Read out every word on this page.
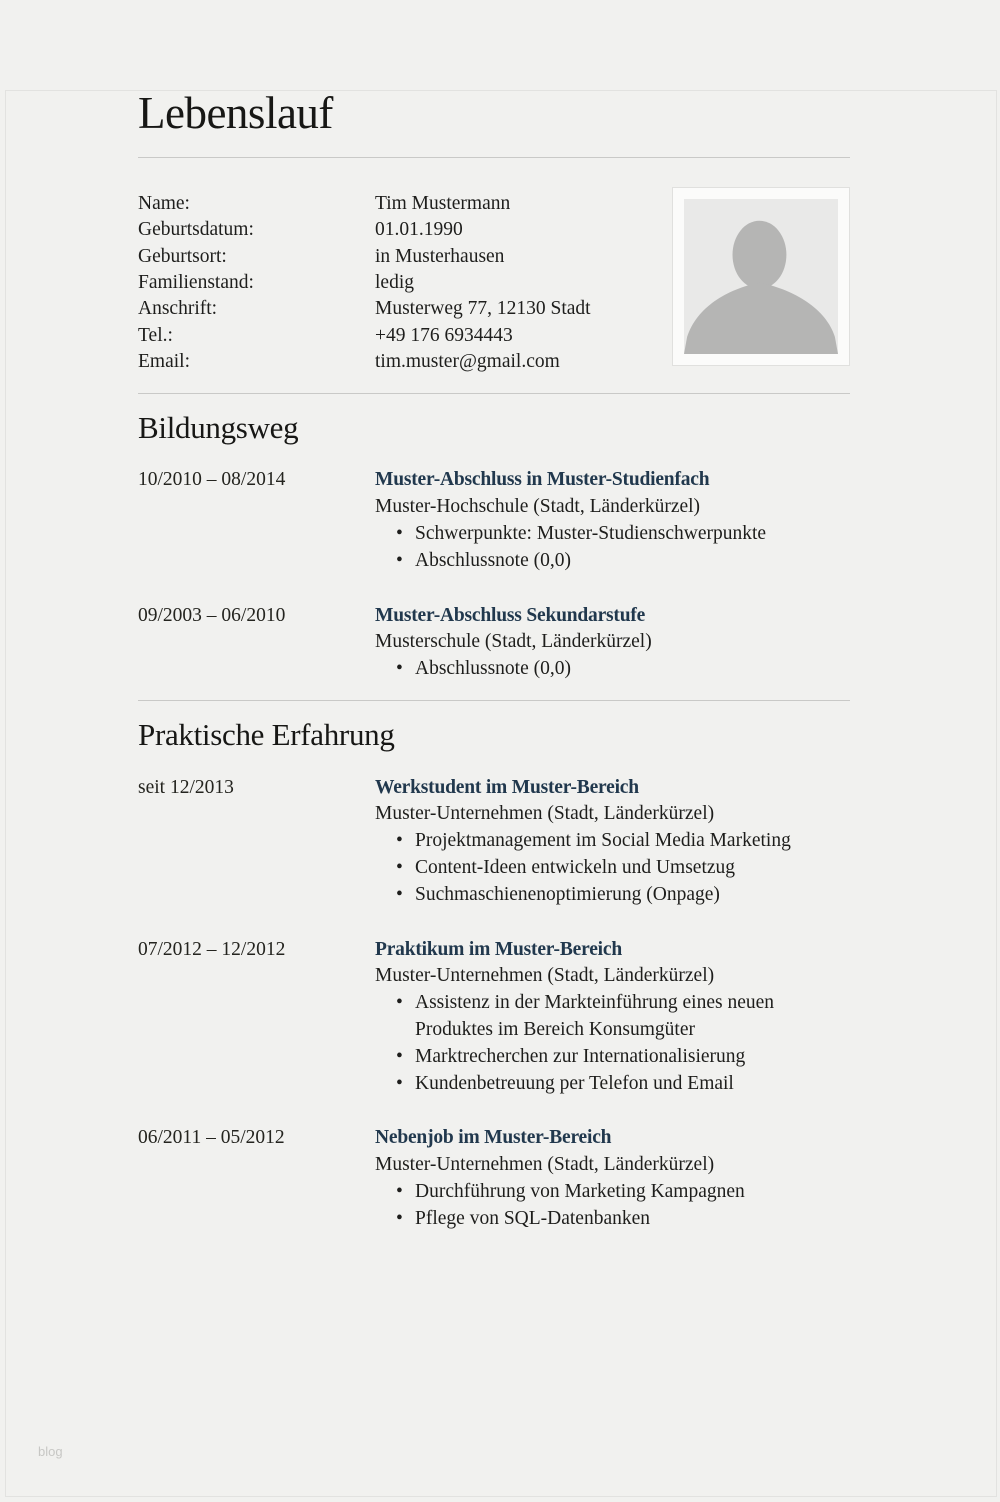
Lebenslauf
Name:	Tim Mustermann
Geburtsdatum:	01.01.1990
Geburtsort:	in Musterhausen
Familienstand:	ledig
Anschrift:	Musterweg 77, 12130 Stadt
Tel.:	+49 176 6934443
Email:	tim.muster@gmail.com
Bildungsweg
10/2010 – 08/2014	Muster-Abschluss in Muster-Studienfach
Muster-Hochschule (Stadt, Länderkürzel)
• Schwerpunkte: Muster-Studienschwerpunkte
• Abschlussnote (0,0)
09/2003 – 06/2010	Muster-Abschluss Sekundarstufe
Musterschule (Stadt, Länderkürzel)
• Abschlussnote (0,0)
Praktische Erfahrung
seit 12/2013	Werkstudent im Muster-Bereich
Muster-Unternehmen (Stadt, Länderkürzel)
• Projektmanagement im Social Media Marketing
• Content-Ideen entwickeln und Umsetzug
• Suchmaschienenoptimierung (Onpage)
07/2012 – 12/2012	Praktikum im Muster-Bereich
Muster-Unternehmen (Stadt, Länderkürzel)
• Assistenz in der Markteinführung eines neuen Produktes im Bereich Konsumgüter
• Marktrecherchen zur Internationalisierung
• Kundenbetreuung per Telefon und Email
06/2011 – 05/2012	Nebenjob im Muster-Bereich
Muster-Unternehmen (Stadt, Länderkürzel)
• Durchführung von Marketing Kampagnen
• Pflege von SQL-Datenbanken
blog
